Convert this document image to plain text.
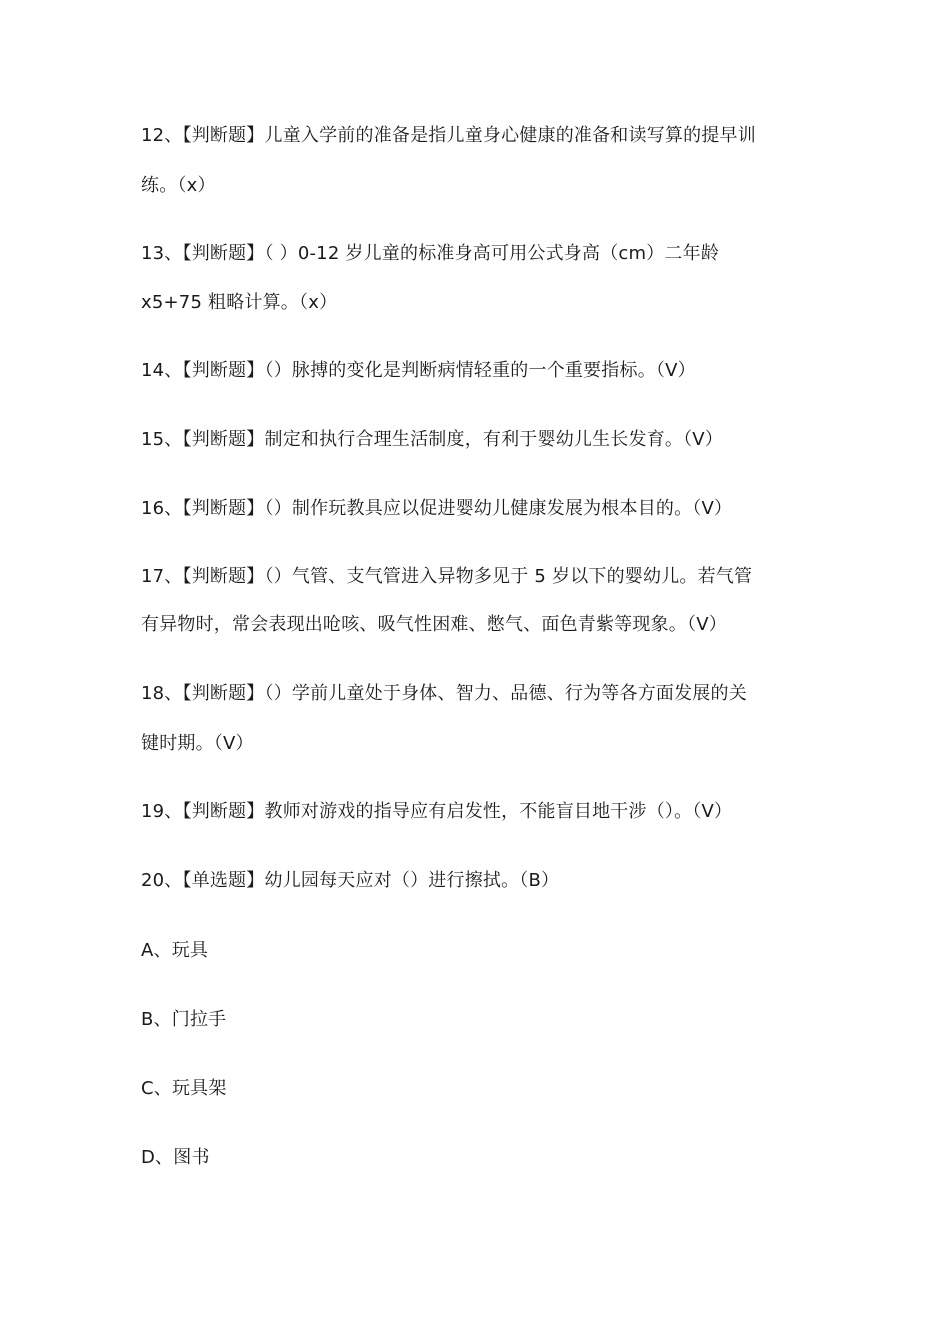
12、【判断题】儿童入学前的准备是指儿童身心健康的准备和读写算的提早训
练。（x）
13、【判断题】（ ）0-12 岁儿童的标准身高可用公式身高（cm）二年龄
x5+75 粗略计算。（x）
14、【判断题】（）脉搏的变化是判断病情轻重的一个重要指标。（V）
15、【判断题】制定和执行合理生活制度，有利于婴幼儿生长发育。（V）
16、【判断题】（）制作玩教具应以促进婴幼儿健康发展为根本目的。（V）
17、【判断题】（）气管、支气管进入异物多见于 5 岁以下的婴幼儿。若气管
有异物时，常会表现出呛咳、吸气性困难、憋气、面色青紫等现象。（V）
18、【判断题】（）学前儿童处于身体、智力、品德、行为等各方面发展的关
键时期。（V）
19、【判断题】教师对游戏的指导应有启发性，不能盲目地干涉（）。（V）
20、【单选题】幼儿园每天应对（）进行擦拭。（B）
A、玩具
B、门拉手
C、玩具架
D、图书
